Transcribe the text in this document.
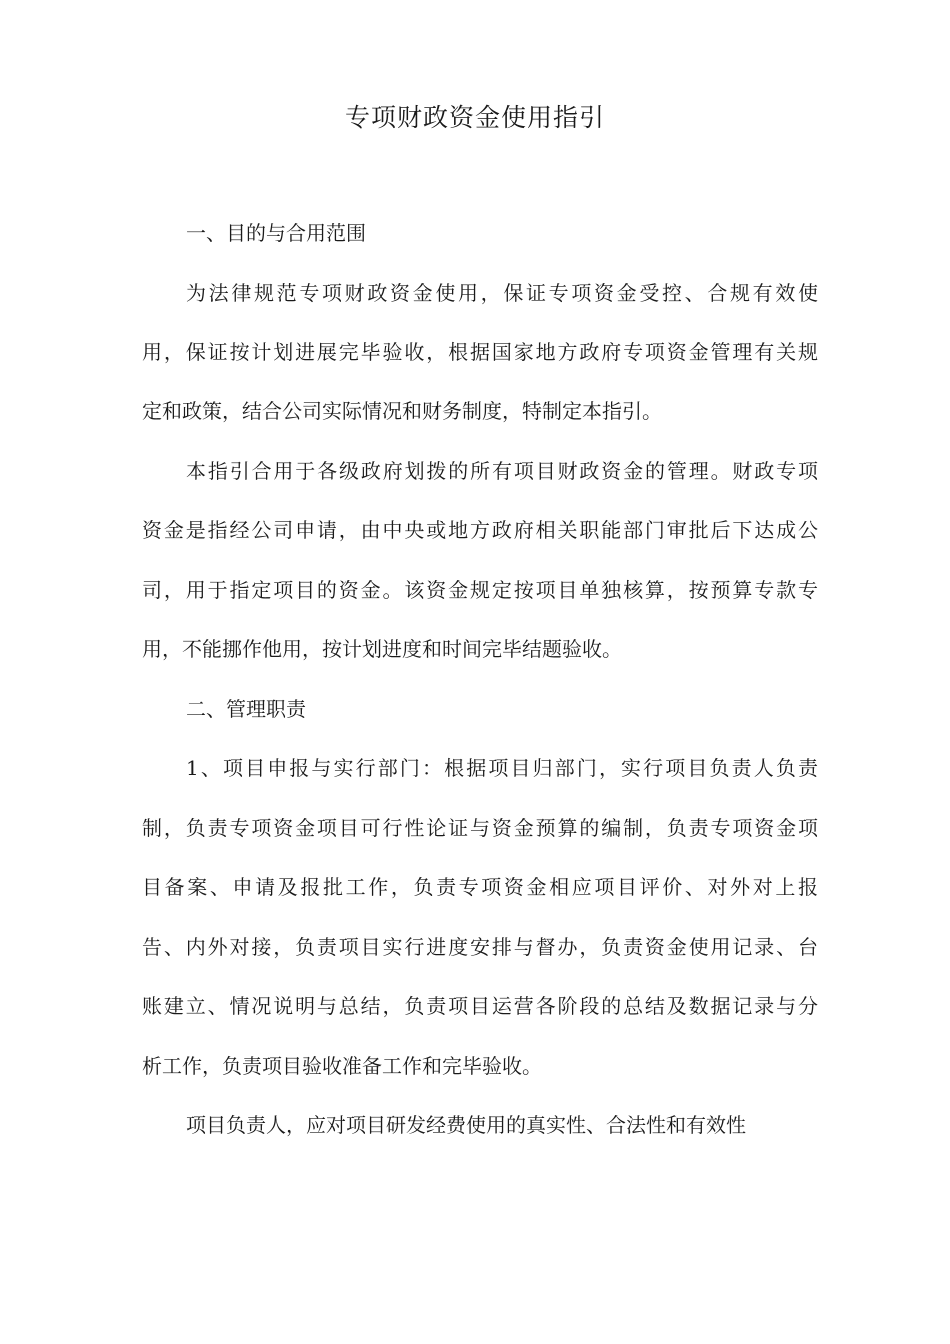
专项财政资金使用指引
一、目的与合用范围
为法律规范专项财政资金使用，保证专项资金受控、合规有效使
用，保证按计划进展完毕验收，根据国家地方政府专项资金管理有关规
定和政策，结合公司实际情况和财务制度，特制定本指引。
本指引合用于各级政府划拨的所有项目财政资金的管理。财政专项
资金是指经公司申请，由中央或地方政府相关职能部门审批后下达成公
司，用于指定项目的资金。该资金规定按项目单独核算，按预算专款专
用，不能挪作他用，按计划进度和时间完毕结题验收。
二、管理职责
1、项目申报与实行部门：根据项目归部门，实行项目负责人负责
制，负责专项资金项目可行性论证与资金预算的编制，负责专项资金项
目备案、申请及报批工作，负责专项资金相应项目评价、对外对上报
告、内外对接，负责项目实行进度安排与督办，负责资金使用记录、台
账建立、情况说明与总结，负责项目运营各阶段的总结及数据记录与分
析工作，负责项目验收准备工作和完毕验收。
项目负责人，应对项目研发经费使用的真实性、合法性和有效性
